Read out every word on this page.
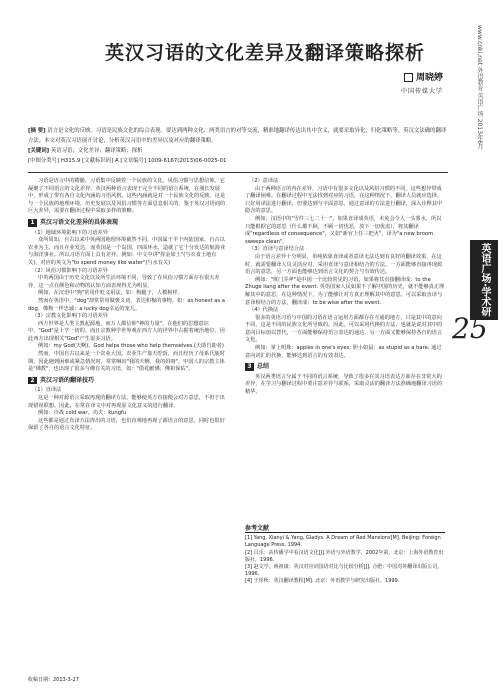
英汉习语的文化差异及翻译策略探析
周晓婷
中国传媒大学

[摘 要] 语言是文化的反映。习语是民族文化的综合表现。要达到两种文化、两类语言的对等交流，精准地翻译传达出其中含义，就要采取异化、归化策略等。英汉文法确的翻译方法。本文对英汉习语展开讨论，分析英汉习语中的差异以及对应的翻译策略。

[关键词] 英语习语；文化差异；翻译策略；探析

[中图分类号] H315.9 [文献标识码] A [文章编号] 1009-6167(2013)06-0025-01

习语是语言中的精髓，习语集中反映着一个民族的文化、风俗习惯与思想信仰。它凝聚了不同语言的文化差异。英汉两种语言表现于完全不同的语言系统，在漫长发展中，形成了带有各自文化内涵的习语风格。这些内涵就是对一个民族文化的反映。这是与一个民族的地理环境、历史发展以及风俗习惯等方面息息相关的。鉴于英汉习语间的巨大差异，需要在翻译过程中采取多样的策略。

1 英汉习语文化差异的具体表现

（1）地域环境影响下的习语差异

众所周知，自古以来中英两国地理环境截然不同。中国属于半个内陆国家，自古以农业为主，而且在业发达，而英国是一个岛国，四面环水，造就了它十分发达的航海业与海洋事业。所以习语方面上具有差异。例如：中文中讲"挥金如土"(与衣食土地有关)，对应的英文为"to spend money like water"(与水有关)

（2）风俗习惯影响下的习语差异

中英两国由于历史文化以及所生活环境不同，导致了在风俗习惯方面存在很大差异，这一点在颜色和动物的认知方面表现得尤为明显。

例如，在汉语中"狗"常用作贬义用法，如：狗腿子，人模狗样。

然而在英语中，"dog"却常常用做褒义词，表达积极的事物。如：as honest as a dog，像狗一样忠诚；a lucky dog幸运的宠儿。

（3）宗教文化影响下的习语差异

西方世界是人类主教起源地，而万人都信仰"神的力量"，在他们的思想意识中，"God"是十亨一切的。而且宗教种学世界观在西方人的世界中占据着统治地位，因此西方出现相关"God"产生很多习语。

例如：my God(天啊)、God helps those who help themselves.(天助自助者)

然而，中国自古以来是一个农业大国。农业生产靠天吃饭，而且经历了母系氏族时期，因此遇到困难或紧急情况时，常常喊出"我的天啊，我的妈呀"。中国人的宗教主体是"佛教"，也出现了很多与佛有关的习语，如："借花献佛、佛祖保佑"。

2 英汉习语的翻译技巧

（1）直译法

这是一种对源语言采取再现的翻译方法，能够使英方直接便会对方意思，不但于出现错误联想。因此，在常在译文中对再现原文化意义的进行翻译。

例如：冷战 cold war，功夫：kungfu

这些都是通过直译方法得出的习语，也们直观地再现了源语言的意思，同时也很好保留了各自的语言文化特征。

（2）意译法

由于两种语言的内在差异，习语中有很多文化以及风俗习惯的不同，这些想异带成了翻译困难。在翻译过程中无法找到对应的习语，在这种情况下，翻译人员就应选择，只好用译法进行翻译，但要达到与字面意思，通过意译的方法进行翻译，深入诠释其中隐含的意思。

例如：汉语中的"雪件三七二十一"，如果直译成英语，未免会令人一头雾水，所以只能根据它的意思（什么都不顾，不顾一切优恶，放下一切优虑），将其翻译成"regardless of consequence"，又如"新官上任三把火"，译为"a new broom sweeps clean"。

（3）直译与意译结合法

由于语言差异十分明显，单纯依靠直译或者意译无法达到有良好的翻译效果，在这时，就需要翻译人员灵活应对，采用直译与意译相结合的方法，一方面能够直接再现源语言的意思，另一方面也能够达到语言文化的契合与有效传达。

例如："班门弄斧"是中国一个比较常见的习语，如果将其直接翻译成：to the Zhuge liang after the event. 英语国家人民如果不了解中国的历史，就不能够真正理解其中的意思，在这种情况下，为了能够让对方真正理解其中的意思，可以采取直译与意译相结合的方法，翻译成：to be wise after the event.

（4）代换法

很多的英语习语与中国的习语在语言运用方面都存在互通的地方，只是其中的意向不同，这是不同的民族文化所导致的。因此，可以采用代换的方法，也就是说对其中的意向目标加以替代，一方面能够保持语言表达的通达，另一方面又能够保持各自的语言文化。

例如：掌上明珠：apples in one's eyes; 胆小如鼠：as stupid as a hare. 通过意向词汇的代换，能够达到语言的有效表达。

3 总结

英汉两类语言分属于不同的语言系统，导致了很多在其习语表达方面存在非常大的差异，在学习与翻译过程中要注意差异与联系，采取灵活的翻译方法准确地翻译习语的精华。

参考文献

[1] Yang, Xianyi & Yang, Gladys. A Dream of Red Mansions[M]. Beijing: Foreign Language Press, 1994.

[2] 吕乐：从传播学中看汉语文化[J].外语与外语教学，2002年第，北京：上海外语教育出版社，1996.

[3] 赵文学，蒋祖康：英汉对应词国语对比与比较分析[J]. 合肥：中国对外翻译出版公司，1996.

[4] 王彤秋：英汉翻译教程[M]. 北京：外语教学与研究出版社，1999.

收稿日期：2013-3-27
www.cnki.net 外语教育 英语广场 2013年6月
英语广场·学术研究
25
